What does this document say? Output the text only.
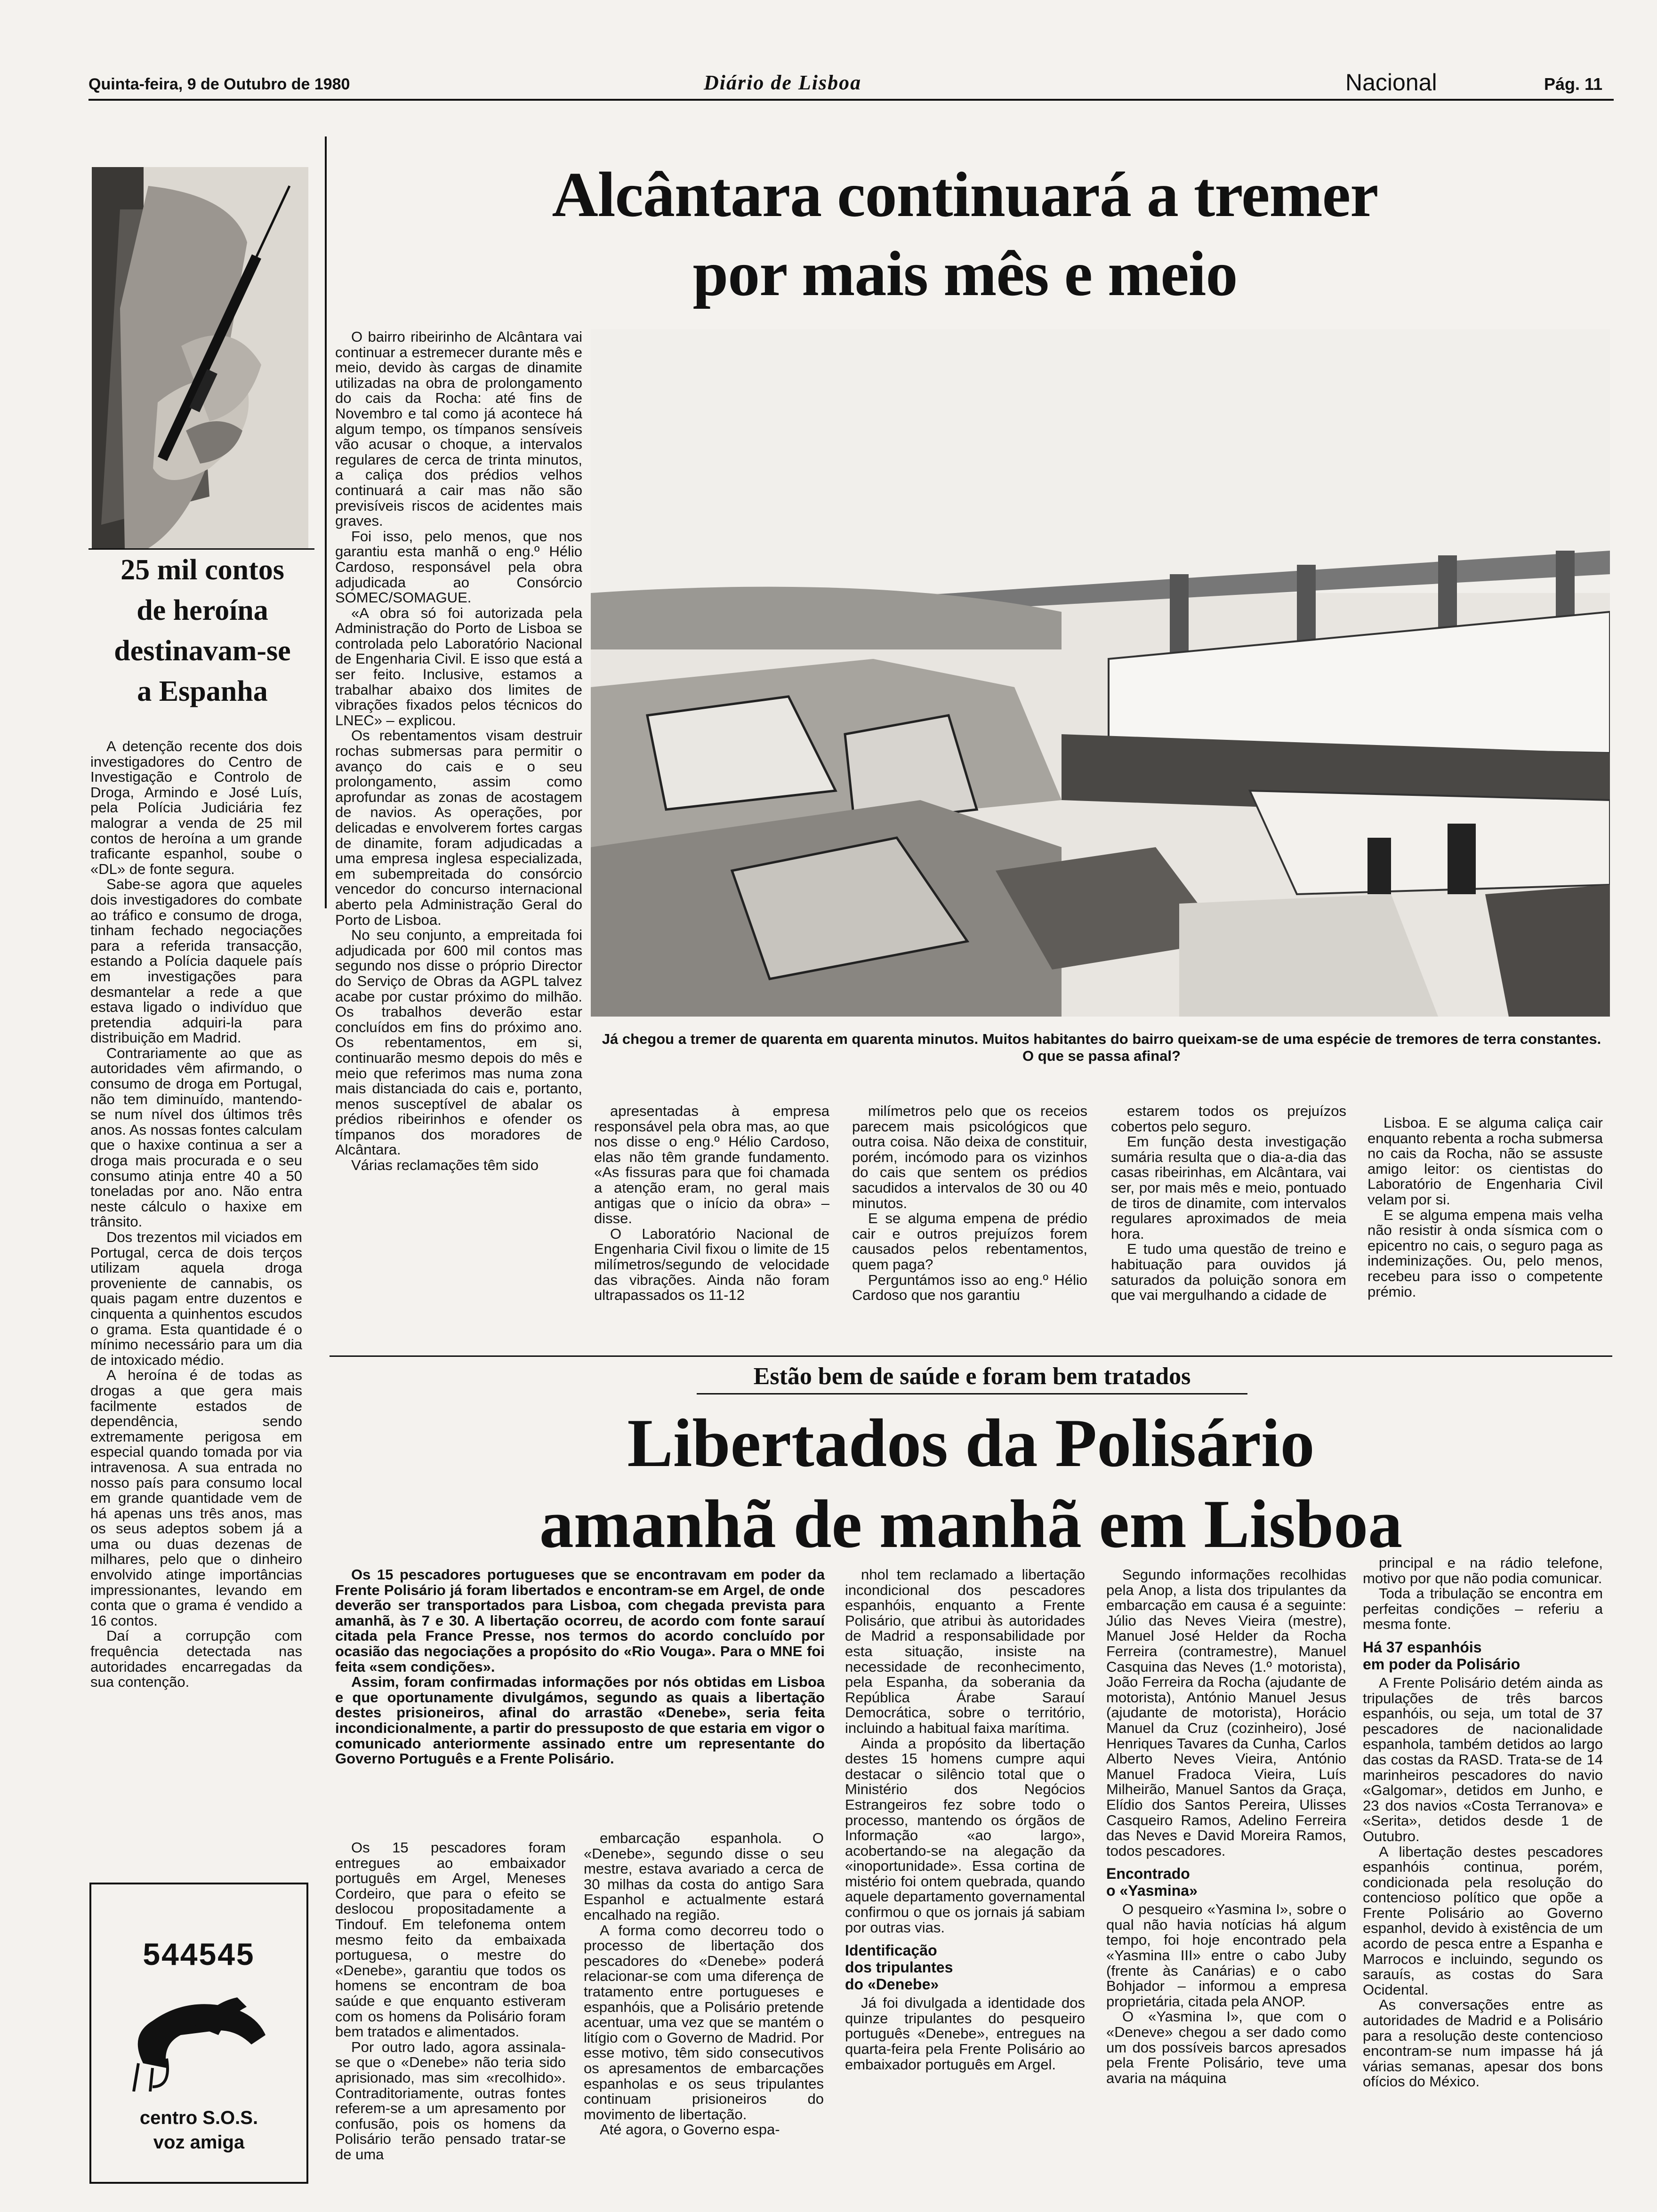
Quinta-feira, 9 de Outubro de 1980	Diário de Lisboa	Nacional	Pág. 11
25 mil contos
de heroína
destinavam-se
a Espanha

A detenção recente dos dois investigadores do Centro de Investigação e Controlo de Droga, Armindo e José Luís, pela Polícia Judiciária fez malograr a venda de 25 mil contos de heroína a um grande traficante espanhol, soube o «DL» de fonte segura.

Sabe-se agora que aqueles dois investigadores do combate ao tráfico e consumo de droga, tinham fechado negociações para a referida transacção, estando a Polícia daquele país em investigações para desmantelar a rede a que estava ligado o indivíduo que pretendia adquiri-la para distribuição em Madrid.

Contrariamente ao que as autoridades vêm afirmando, o consumo de droga em Portugal, não tem diminuído, mantendo-se num nível dos últimos três anos. As nossas fontes calculam que o haxixe continua a ser a droga mais procurada e o seu consumo atinja entre 40 a 50 toneladas por ano. Não entra neste cálculo o haxixe em trânsito.

Dos trezentos mil viciados em Portugal, cerca de dois terços utilizam aquela droga proveniente de cannabis, os quais pagam entre duzentos e cinquenta a quinhentos escudos o grama. Esta quantidade é o mínimo necessário para um dia de intoxicado médio.

A heroína é de todas as drogas a que gera mais facilmente estados de dependência, sendo extremamente perigosa em especial quando tomada por via intravenosa. A sua entrada no nosso país para consumo local em grande quantidade vem de há apenas uns três anos, mas os seus adeptos sobem já a uma ou duas dezenas de milhares, pelo que o dinheiro envolvido atinge importâncias impressionantes, levando em conta que o grama é vendido a 16 contos.

Daí a corrupção com frequência detectada nas autoridades encarregadas da sua contenção.

544545
centro S.O.S.
voz amiga
Alcântara continuará a tremer
por mais mês e meio

O bairro ribeirinho de Alcântara vai continuar a estremecer durante mês e meio, devido às cargas de dinamite utilizadas na obra de prolongamento do cais da Rocha: até fins de Novembro e tal como já acontece há algum tempo, os tímpanos sensíveis vão acusar o choque, a intervalos regulares de cerca de trinta minutos, a caliça dos prédios velhos continuará a cair mas não são previsíveis riscos de acidentes mais graves.

Foi isso, pelo menos, que nos garantiu esta manhã o eng.º Hélio Cardoso, responsável pela obra adjudicada ao Consórcio SOMEC/SOMAGUE.

«A obra só foi autorizada pela Administração do Porto de Lisboa se controlada pelo Laboratório Nacional de Engenharia Civil. E isso que está a ser feito. Inclusive, estamos a trabalhar abaixo dos limites de vibrações fixados pelos técnicos do LNEC» – explicou.

Os rebentamentos visam destruir rochas submersas para permitir o avanço do cais e o seu prolongamento, assim como aprofundar as zonas de acostagem de navios. As operações, por delicadas e envolverem fortes cargas de dinamite, foram adjudicadas a uma empresa inglesa especializada, em subempreitada do consórcio vencedor do concurso internacional aberto pela Administração Geral do Porto de Lisboa.

No seu conjunto, a empreitada foi adjudicada por 600 mil contos mas segundo nos disse o próprio Director do Serviço de Obras da AGPL talvez acabe por custar próximo do milhão. Os trabalhos deverão estar concluídos em fins do próximo ano. Os rebentamentos, em si, continuarão mesmo depois do mês e meio que referimos mas numa zona mais distanciada do cais e, portanto, menos susceptível de abalar os prédios ribeirinhos e ofender os tímpanos dos moradores de Alcântara.

Várias reclamações têm sido

Já chegou a tremer de quarenta em quarenta minutos. Muitos habitantes do bairro queixam-se de uma espécie de tremores de terra constantes. O que se passa afinal?

apresentadas à empresa responsável pela obra mas, ao que nos disse o eng.º Hélio Cardoso, elas não têm grande fundamento. «As fissuras para que foi chamada a atenção eram, no geral mais antigas que o início da obra» – disse.

O Laboratório Nacional de Engenharia Civil fixou o limite de 15 milímetros/segundo de velocidade das vibrações. Ainda não foram ultrapassados os 11-12

milímetros pelo que os receios parecem mais psicológicos que outra coisa. Não deixa de constituir, porém, incómodo para os vizinhos do cais que sentem os prédios sacudidos a intervalos de 30 ou 40 minutos.

E se alguma empena de prédio cair e outros prejuízos forem causados pelos rebentamentos, quem paga?

Perguntámos isso ao eng.º Hélio Cardoso que nos garantiu

estarem todos os prejuízos cobertos pelo seguro.

Em função desta investigação sumária resulta que o dia-a-dia das casas ribeirinhas, em Alcântara, vai ser, por mais mês e meio, pontuado de tiros de dinamite, com intervalos regulares aproximados de meia hora.

E tudo uma questão de treino e habituação para ouvidos já saturados da poluição sonora em que vai mergulhando a cidade de

Lisboa. E se alguma caliça cair enquanto rebenta a rocha submersa no cais da Rocha, não se assuste amigo leitor: os cientistas do Laboratório de Engenharia Civil velam por si.

E se alguma empena mais velha não resistir à onda sísmica com o epicentro no cais, o seguro paga as indeminizações. Ou, pelo menos, recebeu para isso o competente prémio.

Estão bem de saúde e foram bem tratados
Libertados da Polisário
amanhã de manhã em Lisboa

Os 15 pescadores portugueses que se encontravam em poder da Frente Polisário já foram libertados e encontram-se em Argel, de onde deverão ser transportados para Lisboa, com chegada prevista para amanhã, às 7 e 30. A libertação ocorreu, de acordo com fonte sarauí citada pela France Presse, nos termos do acordo concluído por ocasião das negociações a propósito do «Rio Vouga». Para o MNE foi feita «sem condições».

Assim, foram confirmadas informações por nós obtidas em Lisboa e que oportunamente divulgámos, segundo as quais a libertação destes prisioneiros, afinal do arrastão «Denebe», seria feita incondicionalmente, a partir do pressuposto de que estaria em vigor o comunicado anteriormente assinado entre um representante do Governo Português e a Frente Polisário.

Os 15 pescadores foram entregues ao embaixador português em Argel, Meneses Cordeiro, que para o efeito se deslocou propositadamente a Tindouf. Em telefonema ontem mesmo feito da embaixada portuguesa, o mestre do «Denebe», garantiu que todos os homens se encontram de boa saúde e que enquanto estiveram com os homens da Polisário foram bem tratados e alimentados.

Por outro lado, agora assinala-se que o «Denebe» não teria sido aprisionado, mas sim «recolhido». Contraditoriamente, outras fontes referem-se a um apresamento por confusão, pois os homens da Polisário terão pensado tratar-se de uma

embarcação espanhola. O «Denebe», segundo disse o seu mestre, estava avariado a cerca de 30 milhas da costa do antigo Sara Espanhol e actualmente estará encalhado na região.

A forma como decorreu todo o processo de libertação dos pescadores do «Denebe» poderá relacionar-se com uma diferença de tratamento entre portugueses e espanhóis, que a Polisário pretende acentuar, uma vez que se mantém o litígio com o Governo de Madrid. Por esse motivo, têm sido consecutivos os apresamentos de embarcações espanholas e os seus tripulantes continuam prisioneiros do movimento de libertação.

Até agora, o Governo espa-

nhol tem reclamado a libertação incondicional dos pescadores espanhóis, enquanto a Frente Polisário, que atribui às autoridades de Madrid a responsabilidade por esta situação, insiste na necessidade de reconhecimento, pela Espanha, da soberania da República Árabe Sarauí Democrática, sobre o território, incluindo a habitual faixa marítima.

Ainda a propósito da libertação destes 15 homens cumpre aqui destacar o silêncio total que o Ministério dos Negócios Estrangeiros fez sobre todo o processo, mantendo os órgãos de Informação «ao largo», acobertando-se na alegação da «inoportunidade». Essa cortina de mistério foi ontem quebrada, quando aquele departamento governamental confirmou o que os jornais já sabiam por outras vias.

Identificação
dos tripulantes
do «Denebe»

Já foi divulgada a identidade dos quinze tripulantes do pesqueiro português «Denebe», entregues na quarta-feira pela Frente Polisário ao embaixador português em Argel.

Segundo informações recolhidas pela Anop, a lista dos tripulantes da embarcação em causa é a seguinte: Júlio das Neves Vieira (mestre), Manuel José Helder da Rocha Ferreira (contramestre), Manuel Casquina das Neves (1.º motorista), João Ferreira da Rocha (ajudante de motorista), António Manuel Jesus (ajudante de motorista), Horácio Manuel da Cruz (cozinheiro), José Henriques Tavares da Cunha, Carlos Alberto Neves Vieira, António Manuel Fradoca Vieira, Luís Milheirão, Manuel Santos da Graça, Elídio dos Santos Pereira, Ulisses Casqueiro Ramos, Adelino Ferreira das Neves e David Moreira Ramos, todos pescadores.

Encontrado
o «Yasmina»

O pesqueiro «Yasmina I», sobre o qual não havia notícias há algum tempo, foi hoje encontrado pela «Yasmina III» entre o cabo Juby (frente às Canárias) e o cabo Bohjador – informou a empresa proprietária, citada pela ANOP.

O «Yasmina I», que com o «Deneve» chegou a ser dado como um dos possíveis barcos apresados pela Frente Polisário, teve uma avaria na máquina

principal e na rádio telefone, motivo por que não podia comunicar.

Toda a tribulação se encontra em perfeitas condições – referiu a mesma fonte.

Há 37 espanhóis
em poder da Polisário

A Frente Polisário detém ainda as tripulações de três barcos espanhóis, ou seja, um total de 37 pescadores de nacionalidade espanhola, também detidos ao largo das costas da RASD. Trata-se de 14 marinheiros pescadores do navio «Galgomar», detidos em Junho, e 23 dos navios «Costa Terranova» e «Serita», detidos desde 1 de Outubro.

A libertação destes pescadores espanhóis continua, porém, condicionada pela resolução do contencioso político que opõe a Frente Polisário ao Governo espanhol, devido à existência de um acordo de pesca entre a Espanha e Marrocos e incluindo, segundo os sarauís, as costas do Sara Ocidental.

As conversações entre as autoridades de Madrid e a Polisário para a resolução deste contencioso encontram-se num impasse há já várias semanas, apesar dos bons ofícios do México.
